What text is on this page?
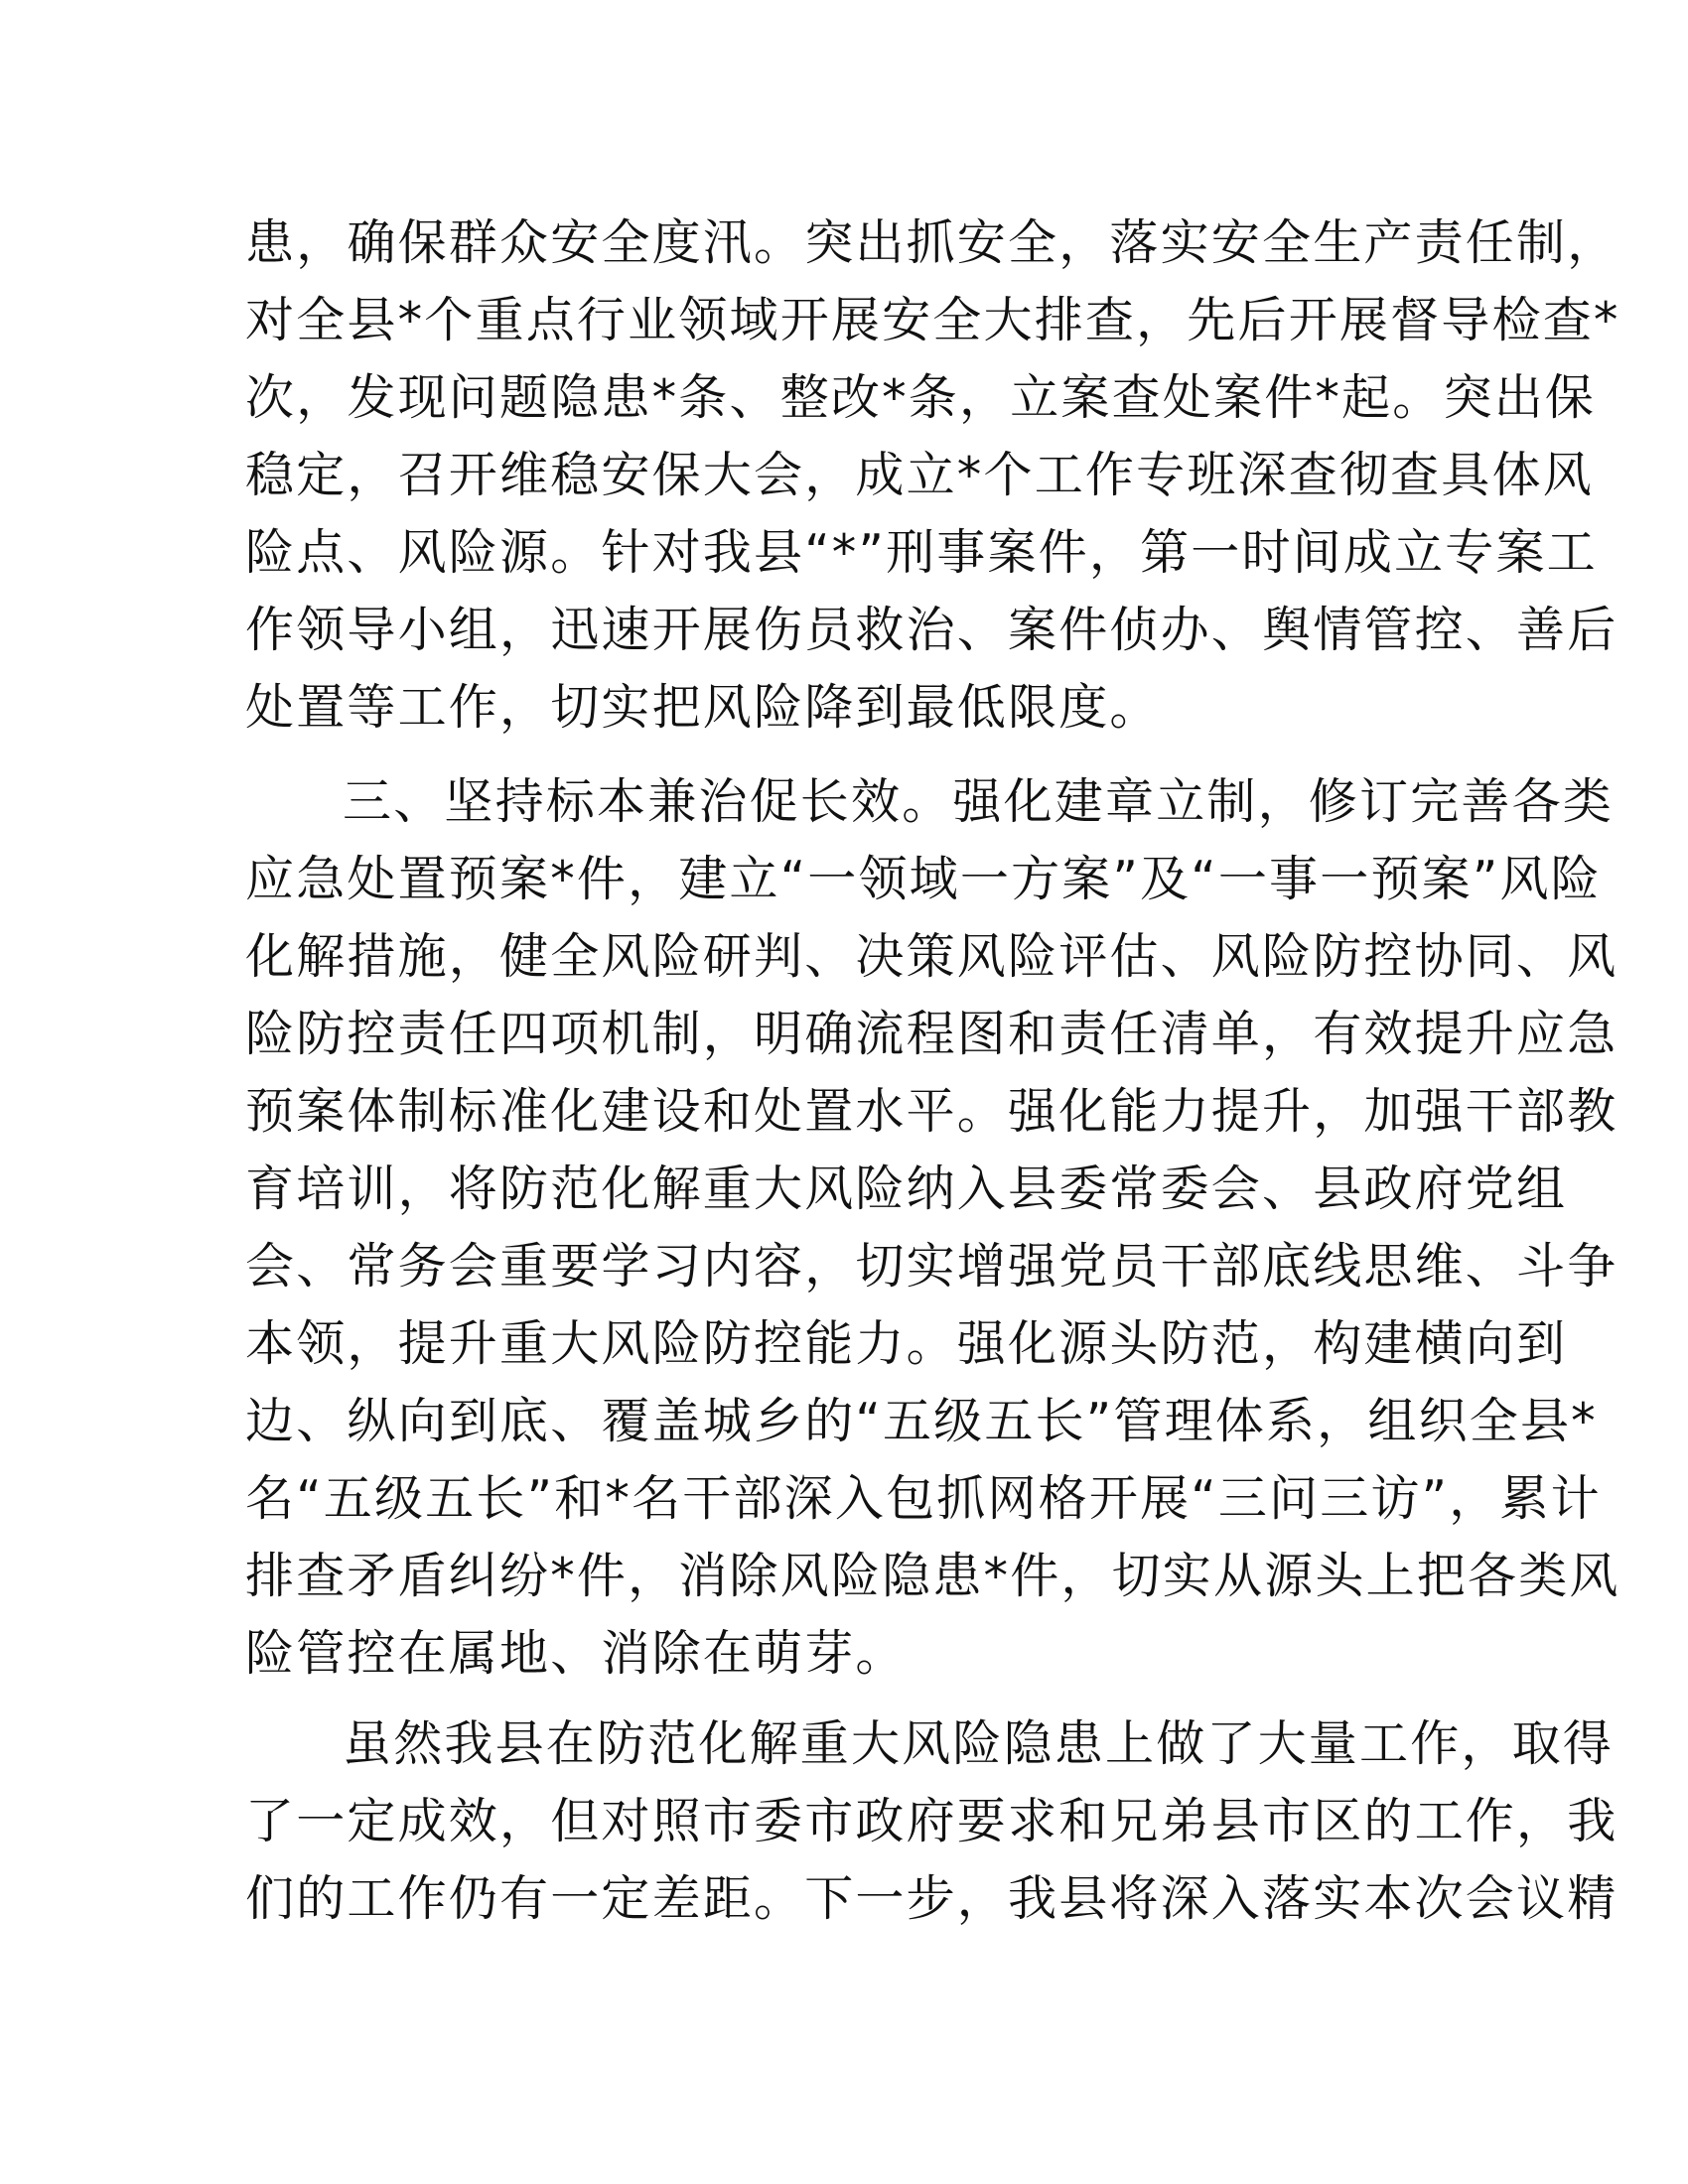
患，确保群众安全度汛。突出抓安全，落实安全生产责任制，
对全县*个重点行业领域开展安全大排查，先后开展督导检查*
次，发现问题隐患*条、整改*条，立案查处案件*起。突出保
稳定，召开维稳安保大会，成立*个工作专班深查彻查具体风
险点、风险源。针对我县“*”刑事案件，第一时间成立专案工
作领导小组，迅速开展伤员救治、案件侦办、舆情管控、善后
处置等工作，切实把风险降到最低限度。
三、坚持标本兼治促长效。强化建章立制，修订完善各类
应急处置预案*件，建立“一领域一方案”及“一事一预案”风险
化解措施，健全风险研判、决策风险评估、风险防控协同、风
险防控责任四项机制，明确流程图和责任清单，有效提升应急
预案体制标准化建设和处置水平。强化能力提升，加强干部教
育培训，将防范化解重大风险纳入县委常委会、县政府党组
会、常务会重要学习内容，切实增强党员干部底线思维、斗争
本领，提升重大风险防控能力。强化源头防范，构建横向到
边、纵向到底、覆盖城乡的“五级五长”管理体系，组织全县*
名“五级五长”和*名干部深入包抓网格开展“三问三访”，累计
排查矛盾纠纷*件，消除风险隐患*件，切实从源头上把各类风
险管控在属地、消除在萌芽。
虽然我县在防范化解重大风险隐患上做了大量工作，取得
了一定成效，但对照市委市政府要求和兄弟县市区的工作，我
们的工作仍有一定差距。下一步，我县将深入落实本次会议精
